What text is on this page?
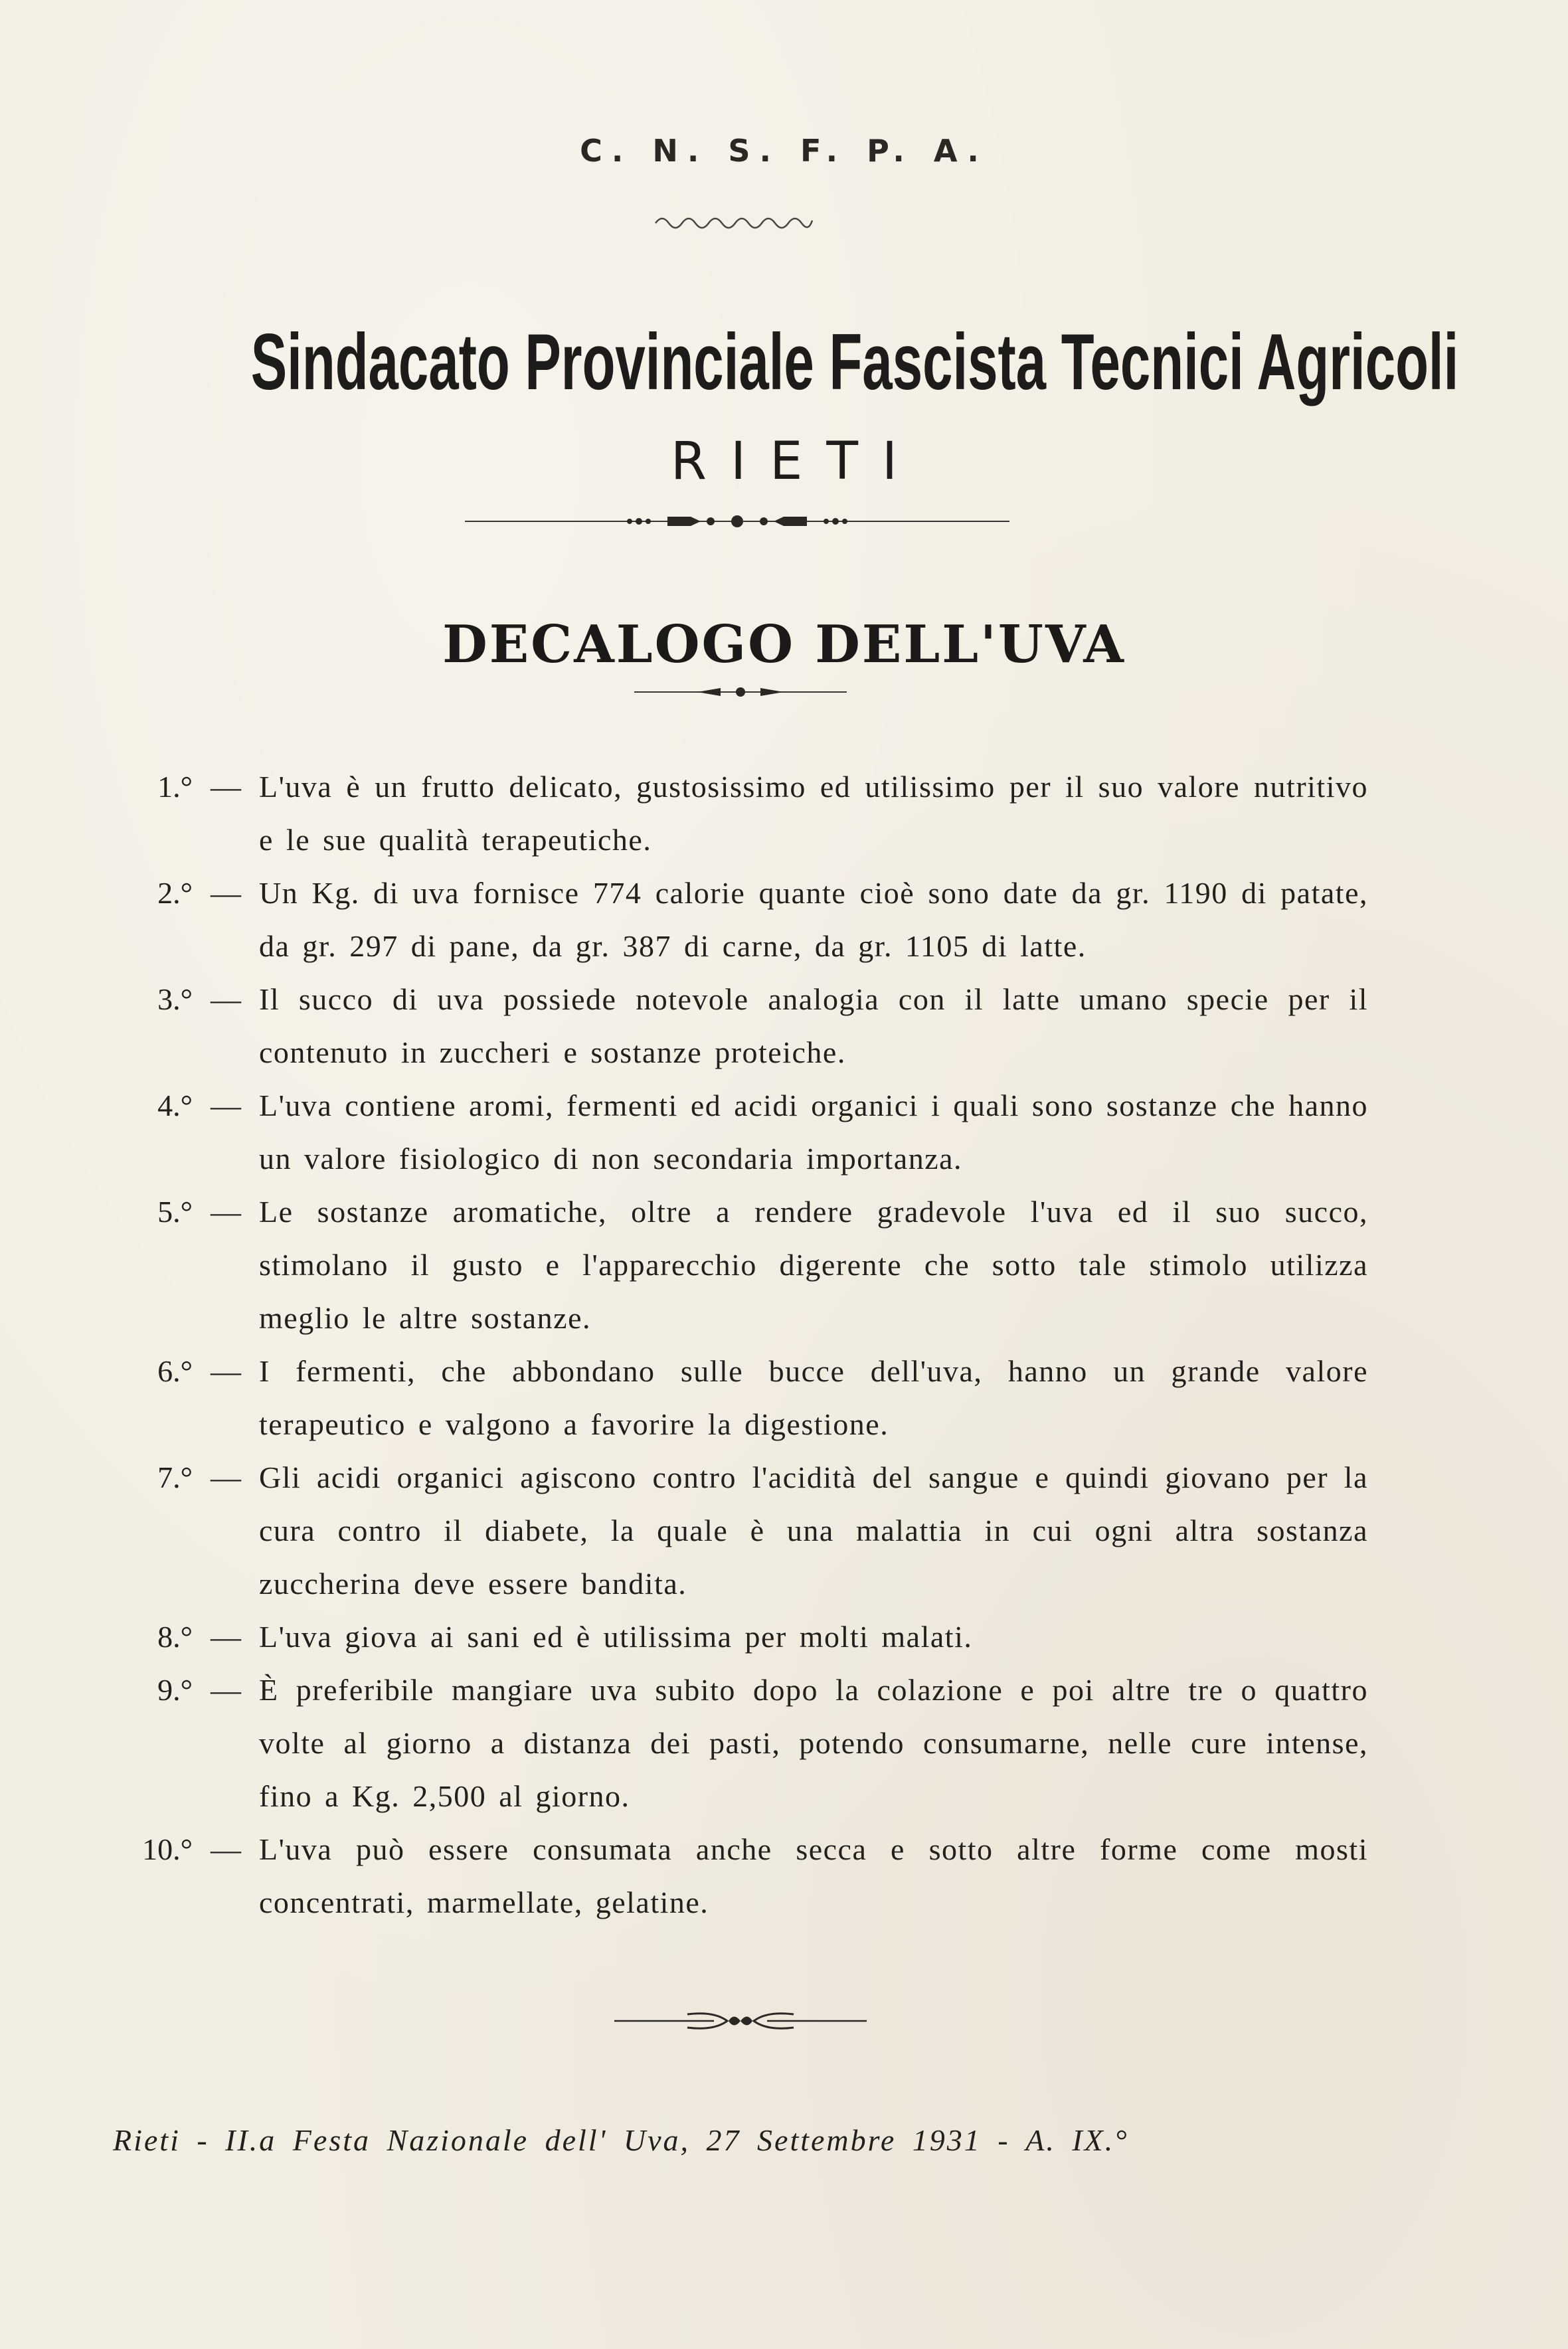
C. N. S. F. P. A.
Sindacato Provinciale Fascista Tecnici Agricoli
RIETI
DECALOGO DELL'UVA
1.° — L'uva è un frutto delicato, gustosissimo ed utilissimo per il suo valore nutritivo e le sue qualità terapeutiche.
2.° — Un Kg. di uva fornisce 774 calorie quante cioè sono date da gr. 1190 di patate, da gr. 297 di pane, da gr. 387 di carne, da gr. 1105 di latte.
3.° — Il succo di uva possiede notevole analogia con il latte umano specie per il contenuto in zuccheri e sostanze proteiche.
4.° — L'uva contiene aromi, fermenti ed acidi organici i quali sono sostanze che hanno un valore fisiologico di non secondaria importanza.
5.° — Le sostanze aromatiche, oltre a rendere gradevole l'uva ed il suo succo, stimolano il gusto e l'apparecchio digerente che sotto tale stimolo utilizza meglio le altre sostanze.
6.° — I fermenti, che abbondano sulle bucce dell'uva, hanno un grande valore terapeutico e valgono a favorire la digestione.
7.° — Gli acidi organici agiscono contro l'acidità del sangue e quindi giovano per la cura contro il diabete, la quale è una malattia in cui ogni altra sostanza zuccherina deve essere bandita.
8.° — L'uva giova ai sani ed è utilissima per molti malati.
9.° — È preferibile mangiare uva subito dopo la colazione e poi altre tre o quattro volte al giorno a distanza dei pasti, potendo consumarne, nelle cure intense, fino a Kg. 2,500 al giorno.
10.° — L'uva può essere consumata anche secca e sotto altre forme come mosti concentrati, marmellate, gelatine.
Rieti - II.a Festa Nazionale dell' Uva, 27 Settembre 1931 - A. IX.°
